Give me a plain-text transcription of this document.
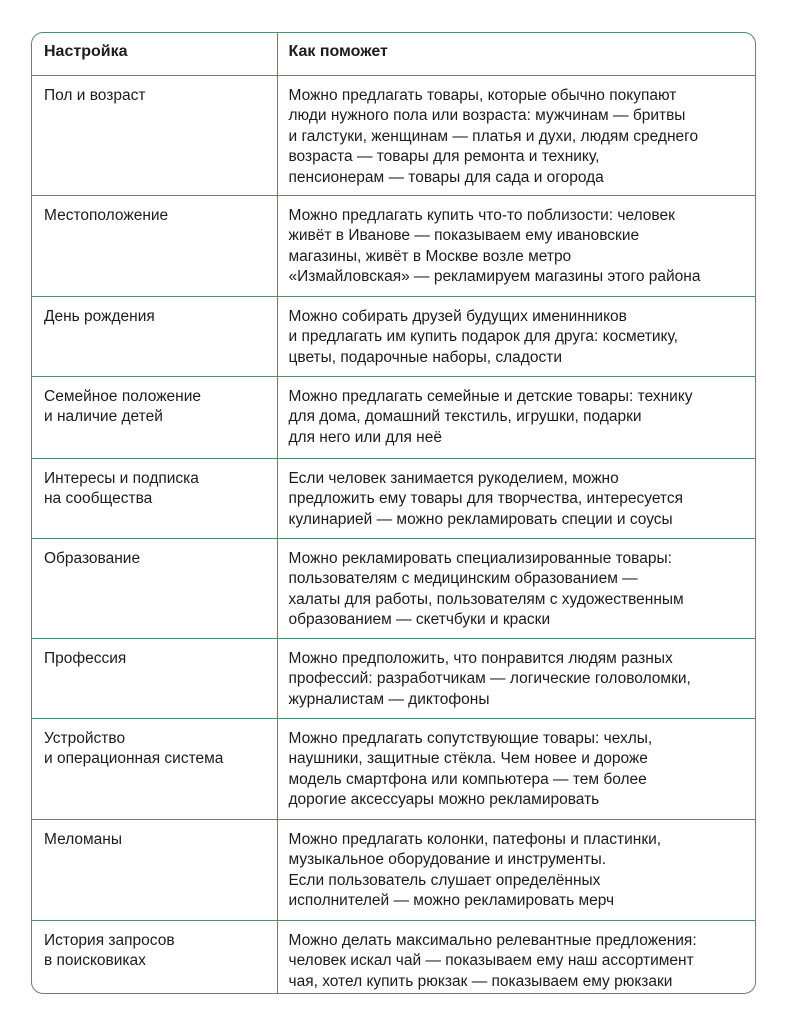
Настройка	Как поможет

Пол и возраст	Можно предлагать товары, которые обычно покупают
люди нужного пола или возраста: мужчинам — бритвы
и галстуки, женщинам — платья и духи, людям среднего
возраста — товары для ремонта и технику,
пенсионерам — товары для сада и огорода

Местоположение	Можно предлагать купить что-то поблизости: человек
живёт в Иванове — показываем ему ивановские
магазины, живёт в Москве возле метро
«Измайловская» — рекламируем магазины этого района

День рождения	Можно собирать друзей будущих именинников
и предлагать им купить подарок для друга: косметику,
цветы, подарочные наборы, сладости

Семейное положение
и наличие детей	Можно предлагать семейные и детские товары: технику
для дома, домашний текстиль, игрушки, подарки
для него или для неё

Интересы и подписка
на сообщества	Если человек занимается рукоделием, можно
предложить ему товары для творчества, интересуется
кулинарией — можно рекламировать специи и соусы

Образование	Можно рекламировать специализированные товары:
пользователям с медицинским образованием —
халаты для работы, пользователям с художественным
образованием — скетчбуки и краски

Профессия	Можно предположить, что понравится людям разных
профессий: разработчикам — логические головоломки,
журналистам — диктофоны

Устройство
и операционная система	Можно предлагать сопутствующие товары: чехлы,
наушники, защитные стёкла. Чем новее и дороже
модель смартфона или компьютера — тем более
дорогие аксессуары можно рекламировать

Меломаны	Можно предлагать колонки, патефоны и пластинки,
музыкальное оборудование и инструменты.
Если пользователь слушает определённых
исполнителей — можно рекламировать мерч

История запросов
в поисковиках	Можно делать максимально релевантные предложения:
человек искал чай — показываем ему наш ассортимент
чая, хотел купить рюкзак — показываем ему рюкзаки
